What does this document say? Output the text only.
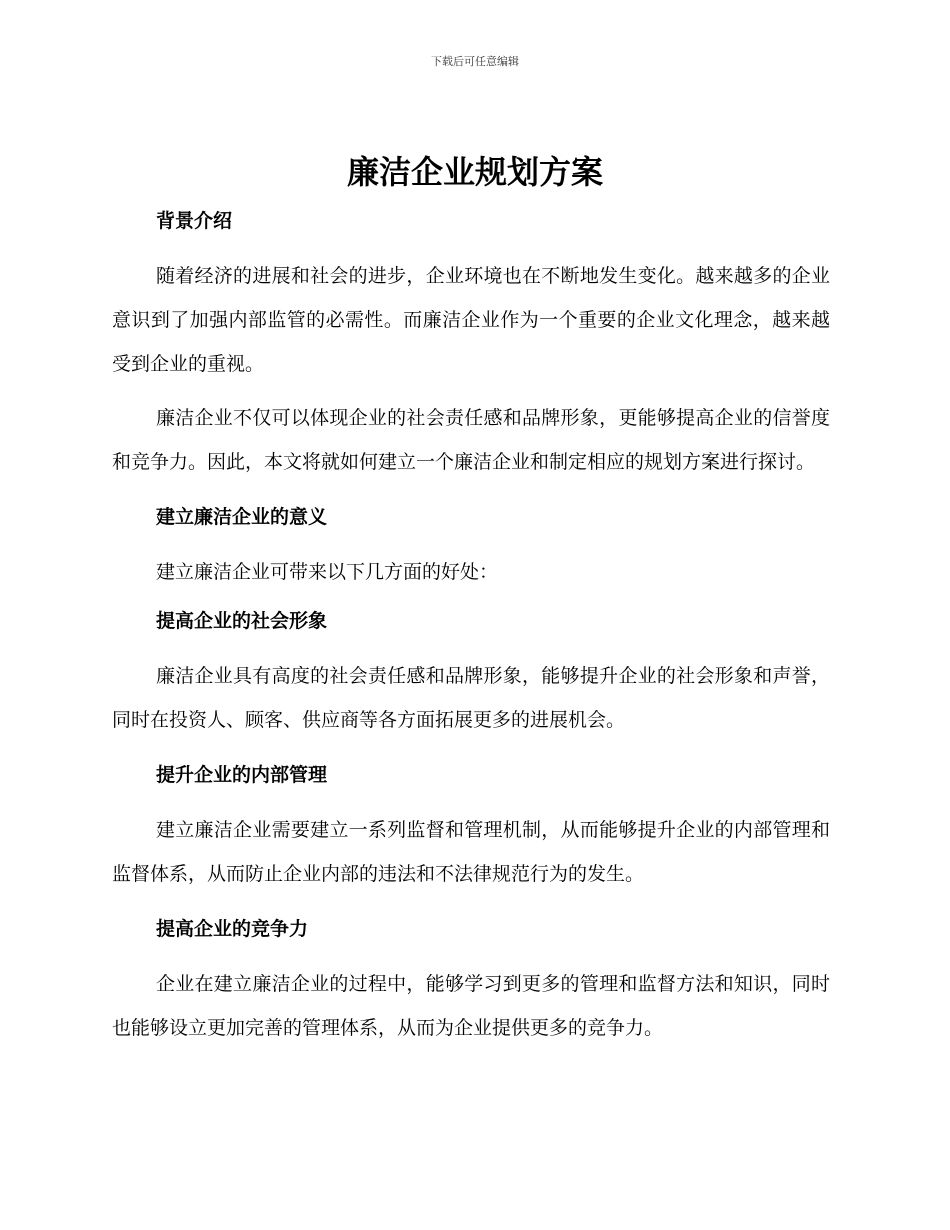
下载后可任意编辑
廉洁企业规划方案
背景介绍

随着经济的进展和社会的进步，企业环境也在不断地发生变化。越来越多的企业意识到了加强内部监管的必需性。而廉洁企业作为一个重要的企业文化理念，越来越受到企业的重视。

廉洁企业不仅可以体现企业的社会责任感和品牌形象，更能够提高企业的信誉度和竞争力。因此，本文将就如何建立一个廉洁企业和制定相应的规划方案进行探讨。

建立廉洁企业的意义

建立廉洁企业可带来以下几方面的好处：

提高企业的社会形象

廉洁企业具有高度的社会责任感和品牌形象，能够提升企业的社会形象和声誉，同时在投资人、顾客、供应商等各方面拓展更多的进展机会。

提升企业的内部管理

建立廉洁企业需要建立一系列监督和管理机制，从而能够提升企业的内部管理和监督体系，从而防止企业内部的违法和不法律规范行为的发生。

提高企业的竞争力

企业在建立廉洁企业的过程中，能够学习到更多的管理和监督方法和知识，同时也能够设立更加完善的管理体系，从而为企业提供更多的竞争力。
